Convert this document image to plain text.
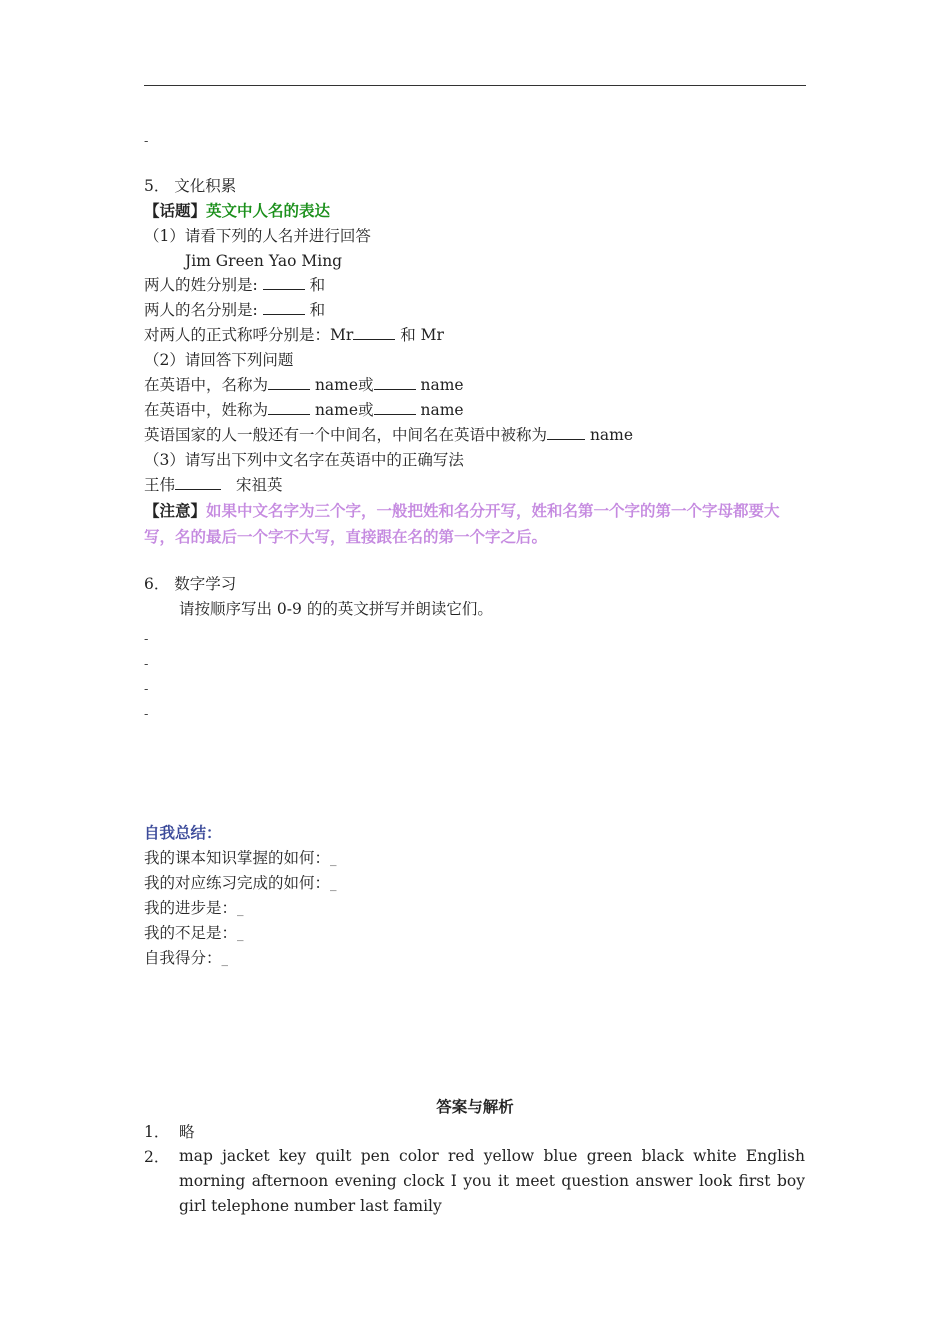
-
5． 文化积累
【话题】英文中人名的表达
（1）请看下列的人名并进行回答
Jim Green Yao Ming
两人的姓分别是:	和
两人的名分别是:	和
对两人的正式称呼分别是：Mr	和 Mr
（2）请回答下列问题
在英语中，名称为	name或	name
在英语中，姓称为	name或	name
英语国家的人一般还有一个中间名，中间名在英语中被称为	name
（3）请写出下列中文名字在英语中的正确写法
王伟	宋祖英
【注意】如果中文名字为三个字，一般把姓和名分开写，姓和名第一个字的第一个字母都要大写，名的最后一个字不大写，直接跟在名的第一个字之后。
6． 数字学习
请按顺序写出 0-9 的的英文拼写并朗读它们。
-
-
-
-
自我总结：
我的课本知识掌握的如何：_
我的对应练习完成的如何：_
我的进步是：_
我的不足是：_
自我得分：_
答案与解析
1． 略
2． map jacket key quilt pen color red yellow blue green black white English morning afternoon evening clock I you it meet question answer look first boy girl telephone number last family
